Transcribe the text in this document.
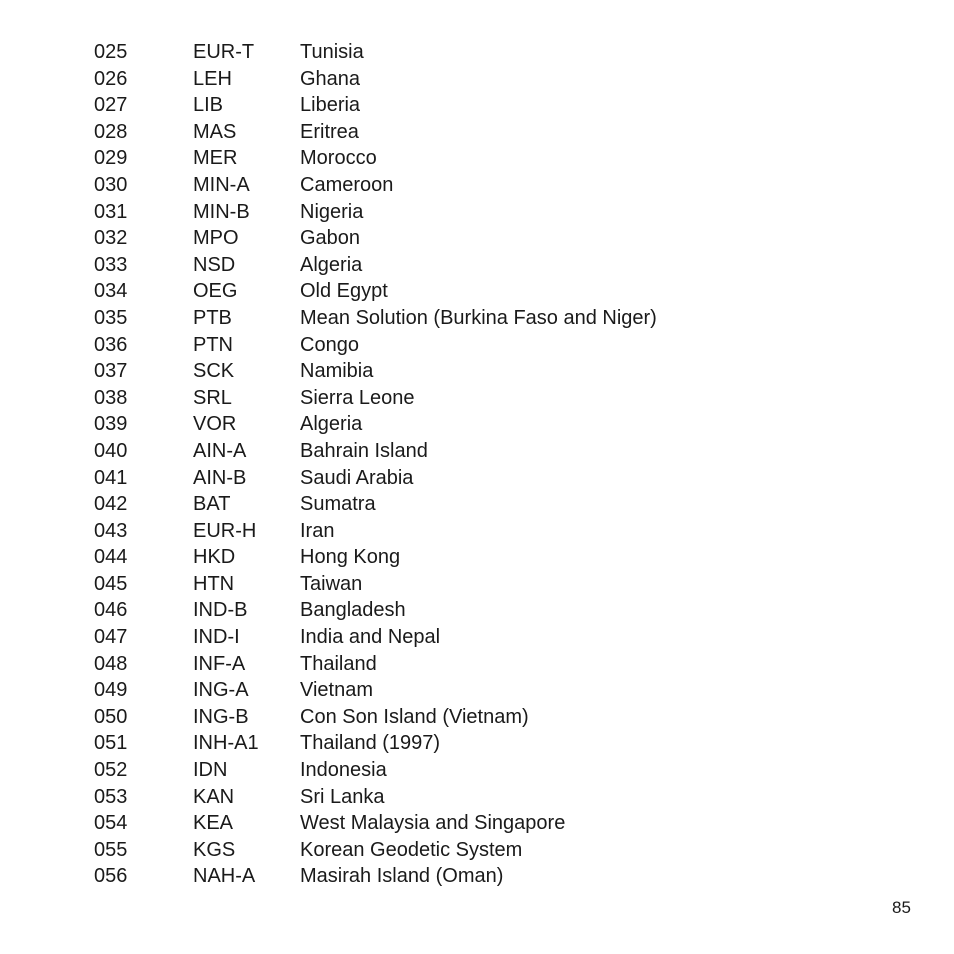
025	EUR-T	Tunisia
026	LEH	Ghana
027	LIB	Liberia
028	MAS	Eritrea
029	MER	Morocco
030	MIN-A	Cameroon
031	MIN-B	Nigeria
032	MPO	Gabon
033	NSD	Algeria
034	OEG	Old Egypt
035	PTB	Mean Solution (Burkina Faso and Niger)
036	PTN	Congo
037	SCK	Namibia
038	SRL	Sierra Leone
039	VOR	Algeria
040	AIN-A	Bahrain Island
041	AIN-B	Saudi Arabia
042	BAT	Sumatra
043	EUR-H	Iran
044	HKD	Hong Kong
045	HTN	Taiwan
046	IND-B	Bangladesh
047	IND-I	India and Nepal
048	INF-A	Thailand
049	ING-A	Vietnam
050	ING-B	Con Son Island (Vietnam)
051	INH-A1	Thailand (1997)
052	IDN	Indonesia
053	KAN	Sri Lanka
054	KEA	West Malaysia and Singapore
055	KGS	Korean Geodetic System
056	NAH-A	Masirah Island (Oman)
85
